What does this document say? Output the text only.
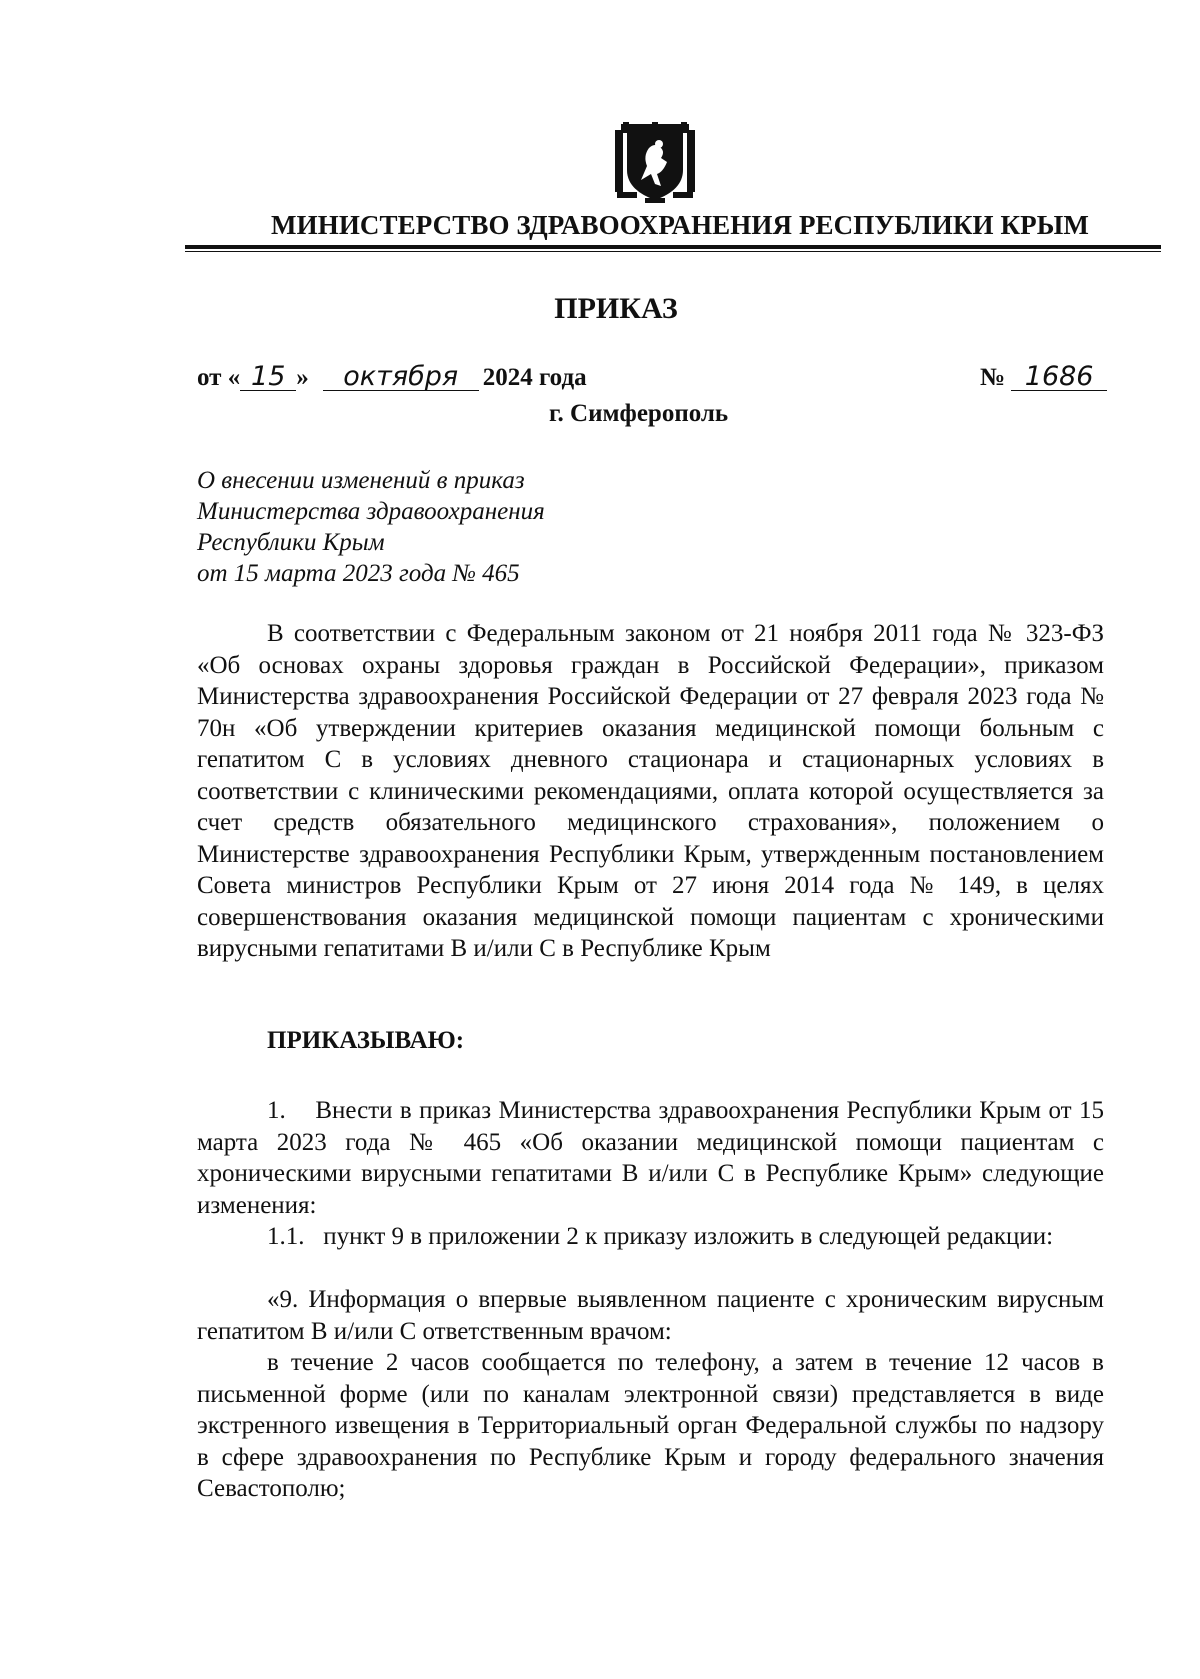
МИНИСТЕРСТВО ЗДРАВООХРАНЕНИЯ РЕСПУБЛИКИ КРЫМ
ПРИКАЗ
от « 15 » октября 2024 года	№ 1686
г. Симферополь
О внесении изменений в приказ
Министерства здравоохранения
Республики Крым
от 15 марта 2023 года № 465
В соответствии с Федеральным законом от 21 ноября 2011 года № 323-ФЗ «Об основах охраны здоровья граждан в Российской Федерации», приказом Министерства здравоохранения Российской Федерации от 27 февраля 2023 года № 70н «Об утверждении критериев оказания медицинской помощи больным с гепатитом С в условиях дневного стационара и стационарных условиях в соответствии с клиническими рекомендациями, оплата которой осуществляется за счет средств обязательного медицинского страхования», положением о Министерстве здравоохранения Республики Крым, утвержденным постановлением Совета министров Республики Крым от 27 июня 2014 года № 149, в целях совершенствования оказания медицинской помощи пациентам с хроническими вирусными гепатитами В и/или С в Республике Крым
ПРИКАЗЫВАЮ:
1.    Внести в приказ Министерства здравоохранения Республики Крым от 15 марта 2023 года № 465 «Об оказании медицинской помощи пациентам с хроническими вирусными гепатитами В и/или С в Республике Крым» следующие изменения:
1.1.   пункт 9 в приложении 2 к приказу изложить в следующей редакции:
«9. Информация о впервые выявленном пациенте с хроническим вирусным гепатитом В и/или С ответственным врачом:
в течение 2 часов сообщается по телефону, а затем в течение 12 часов в письменной форме (или по каналам электронной связи) представляется в виде экстренного извещения в Территориальный орган Федеральной службы по надзору в сфере здравоохранения по Республике Крым и городу федерального значения Севастополю;
